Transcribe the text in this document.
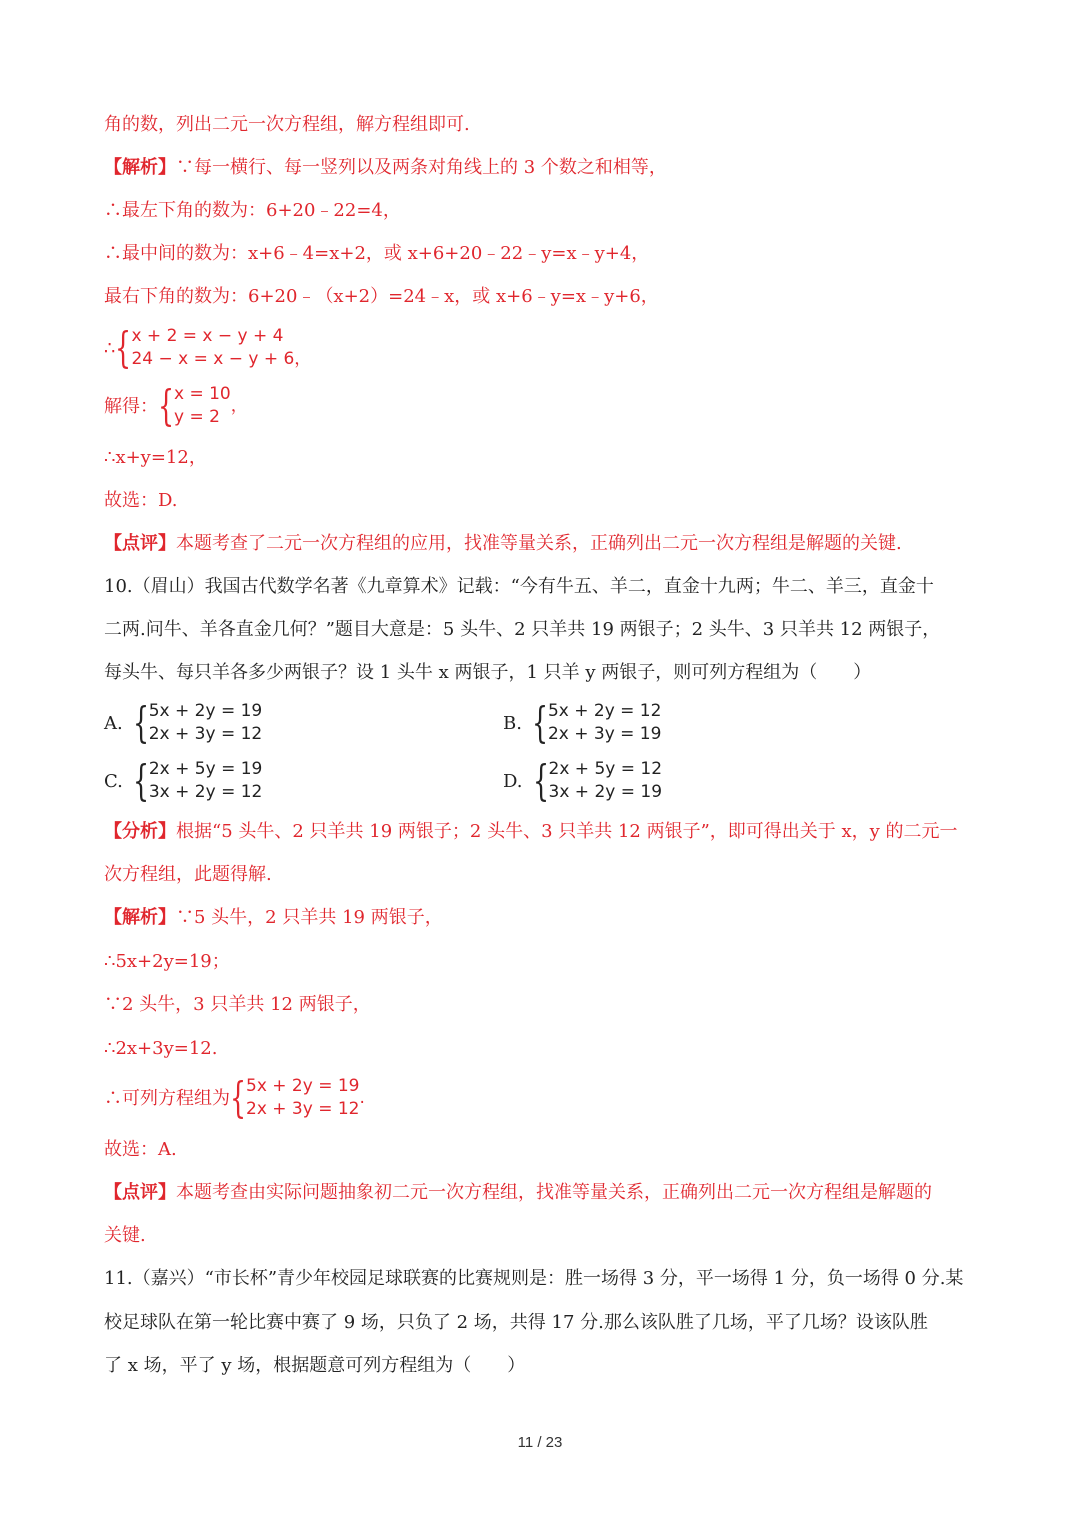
角的数，列出二元一次方程组，解方程组即可.
【解析】∵每一横行、每一竖列以及两条对角线上的 3 个数之和相等，
∴最左下角的数为：6+20﹣22=4，
∴最中间的数为：x+6﹣4=x+2，或 x+6+20﹣22﹣y=x﹣y+4，
最右下角的数为：6+20﹣（x+2）=24﹣x，或 x+6﹣y=x﹣y+6，
∴ { x + 2 = x − y + 4
24 − x = x − y + 6 ，
解得： { x = 10
y = 2
，
∴x+y=12，
故选：D.
【点评】本题考查了二元一次方程组的应用，找准等量关系，正确列出二元一次方程组是解题的关键.
10.（眉山）我国古代数学名著《九章算术》记载：“今有牛五、羊二，直金十九两；牛二、羊三，直金十
二两.问牛、羊各直金几何？”题目大意是：5 头牛、2 只羊共 19 两银子；2 头牛、3 只羊共 12 两银子，
每头牛、每只羊各多少两银子？设 1 头牛 x 两银子，1 只羊 y 两银子，则可列方程组为（　　）
A. { 5x + 2y = 19
2x + 3y = 12
B. { 5x + 2y = 12
2x + 3y = 19
C. { 2x + 5y = 19
3x + 2y = 12
D. { 2x + 5y = 12
3x + 2y = 19
【分析】根据“5 头牛、2 只羊共 19 两银子；2 头牛、3 只羊共 12 两银子”，即可得出关于 x，y 的二元一
次方程组，此题得解.
【解析】∵5 头牛，2 只羊共 19 两银子，
∴5x+2y=19；
∵2 头牛，3 只羊共 12 两银子，
∴2x+3y=12.
∴可列方程组为 { 5x + 2y = 19
2x + 3y = 12
.
故选：A.
【点评】本题考查由实际问题抽象初二元一次方程组，找准等量关系，正确列出二元一次方程组是解题的
关键.
11.（嘉兴）“市长杯”青少年校园足球联赛的比赛规则是：胜一场得 3 分，平一场得 1 分，负一场得 0 分.某
校足球队在第一轮比赛中赛了 9 场，只负了 2 场，共得 17 分.那么该队胜了几场，平了几场？设该队胜
了 x 场，平了 y 场，根据题意可列方程组为（　　）
11 / 23
